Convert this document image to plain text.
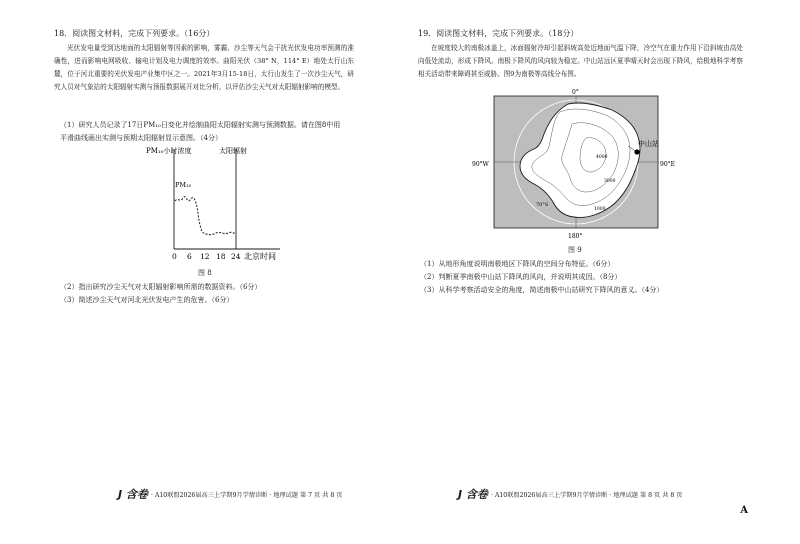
18．阅读图文材料，完成下列要求。（16分）

光伏发电量受到达地面的太阳辐射等因素的影响，雾霾、沙尘等天气会干扰光伏发电功率预测的准确性，进而影响电网吸收、输电计划及电力调度的效率。曲阳光伏（38° N，114° E）地处太行山东麓，位于河北重要的光伏发电产业集中区之一。2021年3月15-18日，太行山发生了一次沙尘天气，研究人员对气象站的太阳辐射实测与预报数据展开对比分析，以评估沙尘天气对太阳辐射影响的模型。

（1）研究人员记录了17日PM₁₀日变化并绘制曲阳太阳辐射实测与预测数据。请在图8中用
平滑曲线画出实测与预期太阳辐射显示意图。（4分）
PM₁₀小时浓度	太阳辐射
PM₁₀
0 6 12 18 24 北京时间
图 8
（2）指出研究沙尘天气对太阳辐射影响所需的数据资料。（6分）
（3）简述沙尘天气对河北光伏发电产生的危害。（6分）
J 含卷 · A10联盟2026届高三上学期9月学情诊断 · 地理试题 第 7 页 共 8 页
19．阅读图文材料，完成下列要求。（18分）

在坡度较大的南极冰盖上，冰面辐射冷却引起斜坡高处近地面气温下降，冷空气在重力作用下沿斜坡由高处向低处流动，形成下降风。南极下降风的风向较为稳定。中山站远区夏季晴天时会出现下降风，给极地科学考察相关活动带来障碍甚至威胁。图9为南极等高线分布图。

中山站
4000
3000
1000
70°S
0°
180°
90°W	90°E
图 9
（1）从地形角度说明南极地区下降风的空间分布特征。（6分）
（2）判断夏季南极中山站下降风的风向，并说明其成因。（8分）
（3）从科学考察活动安全的角度，简述南极中山站研究下降风的意义。（4分）
J 含卷 · A10联盟2026届高三上学期9月学情诊断 · 地理试题 第 8 页 共 8 页
A
